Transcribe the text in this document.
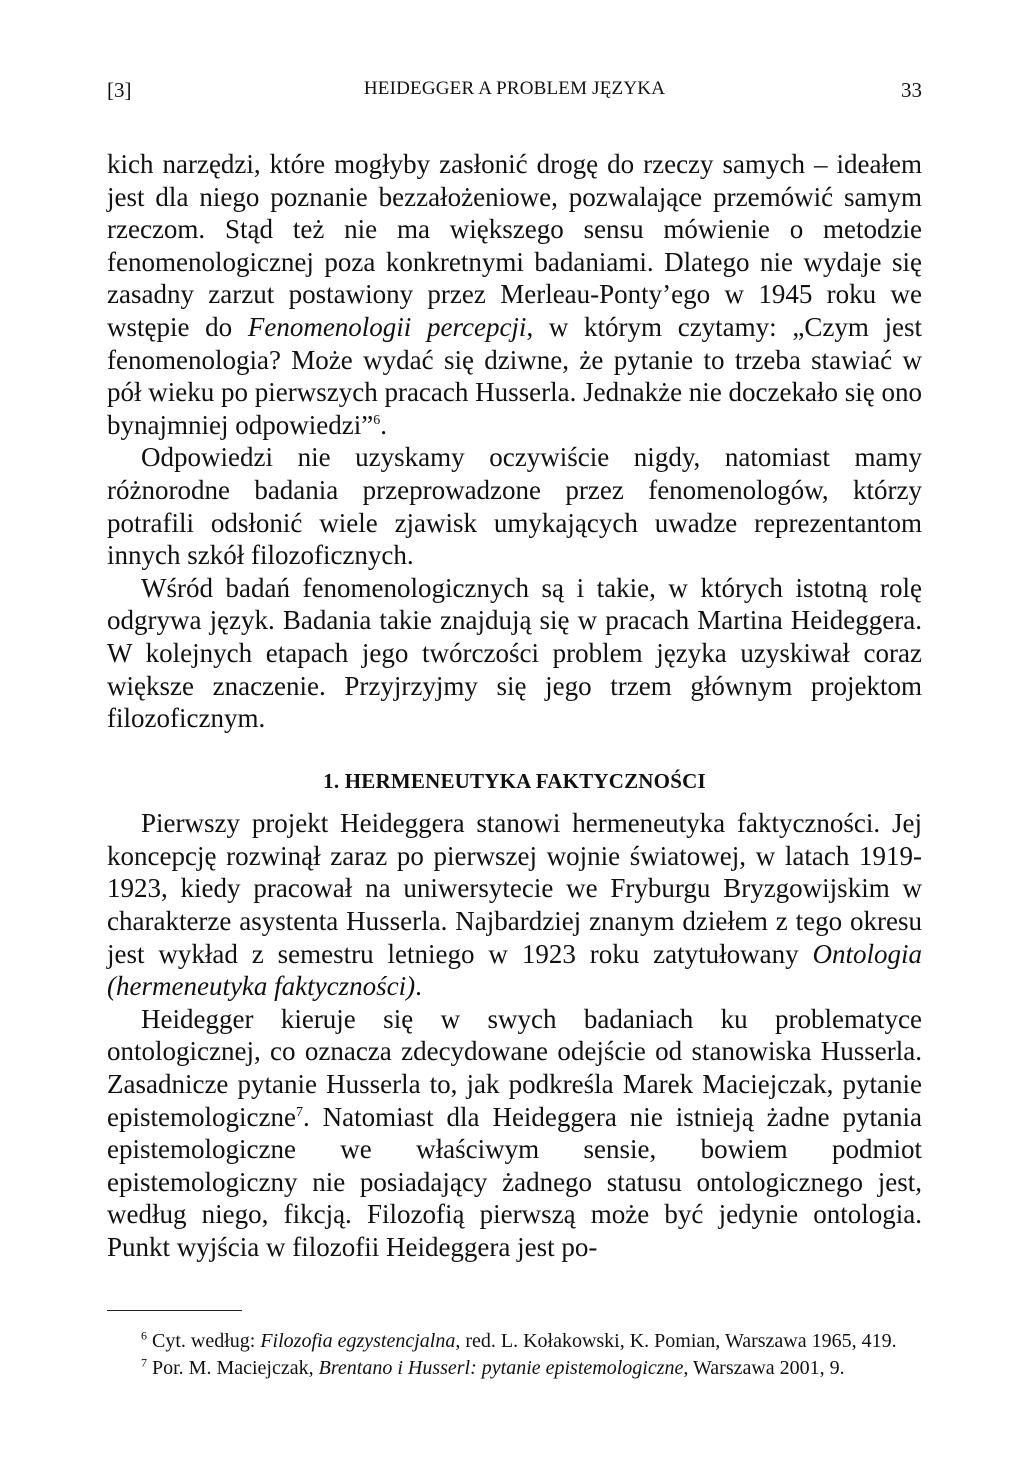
[3]	HEIDEGGER A PROBLEM JĘZYKA	33

kich narzędzi, które mogłyby zasłonić drogę do rzeczy samych – ideałem jest dla niego poznanie bezzałożeniowe, pozwalające przemówić samym rzeczom. Stąd też nie ma większego sensu mówienie o metodzie fenomenologicznej poza konkretnymi badaniami. Dlatego nie wydaje się zasadny zarzut postawiony przez Merleau-Ponty’ego w 1945 roku we wstępie do Fenomenologii percepcji, w którym czytamy: „Czym jest fenomenologia? Może wydać się dziwne, że pytanie to trzeba stawiać w pół wieku po pierwszych pracach Husserla. Jednakże nie doczekało się ono bynajmniej odpowiedzi”$^6$.

Odpowiedzi nie uzyskamy oczywiście nigdy, natomiast mamy różnorodne badania przeprowadzone przez fenomenologów, którzy potrafili odsłonić wiele zjawisk umykających uwadze reprezentantom innych szkół filozoficznych.

Wśród badań fenomenologicznych są i takie, w których istotną rolę odgrywa język. Badania takie znajdują się w pracach Martina Heideggera. W kolejnych etapach jego twórczości problem języka uzyskiwał coraz większe znaczenie. Przyjrzyjmy się jego trzem głównym projektom filozoficznym.

1. HERMENEUTYKA FAKTYCZNOŚCI

Pierwszy projekt Heideggera stanowi hermeneutyka faktyczności. Jej koncepcję rozwinął zaraz po pierwszej wojnie światowej, w latach 1919-1923, kiedy pracował na uniwersytecie we Fryburgu Bryzgowijskim w charakterze asystenta Husserla. Najbardziej znanym dziełem z tego okresu jest wykład z semestru letniego w 1923 roku zatytułowany Ontologia (hermeneutyka faktyczności).

Heidegger kieruje się w swych badaniach ku problematyce ontologicznej, co oznacza zdecydowane odejście od stanowiska Husserla. Zasadnicze pytanie Husserla to, jak podkreśla Marek Maciejczak, pytanie epistemologiczne$^7$. Natomiast dla Heideggera nie istnieją żadne pytania epistemologiczne we właściwym sensie, bowiem podmiot epistemologiczny nie posiadający żadnego statusu ontologicznego jest, według niego, fikcją. Filozofią pierwszą może być jedynie ontologia. Punkt wyjścia w filozofii Heideggera jest po-

$^6$ Cyt. według: Filozofia egzystencjalna, red. L. Kołakowski, K. Pomian, Warszawa 1965, 419.

$^7$ Por. M. Maciejczak, Brentano i Husserl: pytanie epistemologiczne, Warszawa 2001, 9.
